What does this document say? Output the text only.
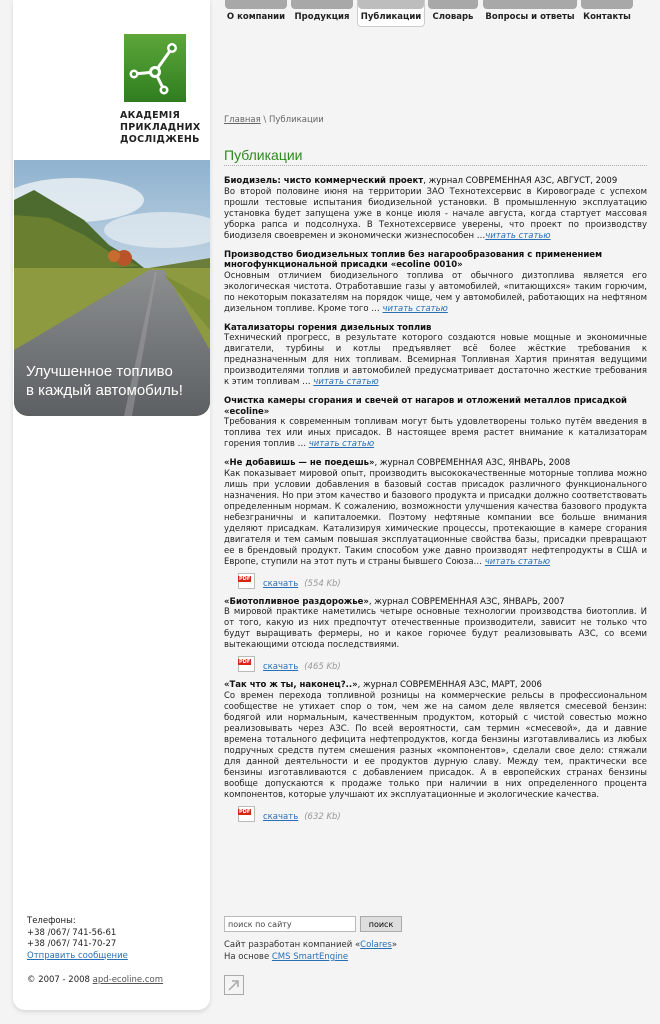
АКАДЕМІЯ
ПРИКЛАДНИХ
ДОСЛІДЖЕНЬ
Улучшенное топливо
в каждый автомобиль!
Телефоны:
+38 /067/ 741-56-61
+38 /067/ 741-70-27
Отправить сообщение
© 2007 - 2008 apd-ecoline.com
О компании	Продукция	Публикации	Словарь	Вопросы и ответы Контакты
Главная \ Публикации
Публикации
Биодизель: чисто коммерческий проект, журнал СОВРЕМЕННАЯ АЗС, АВГУСТ, 2009

Во второй половине июня на территории ЗАО Технотехсервис в Кировограде с успехом прошли тестовые испытания биодизельной установки. В промышленную эксплуатацию установка будет запущена уже в конце июля - начале августа, когда стартует массовая уборка рапса и подсолнуха. В Технотехсервисе уверены, что проект по производству биодизеля своевремен и экономически жизнеспособен …читать статью

Производство биодизельных топлив без нагарообразования с применением многофункциональной присадки «ecoline 0010»

Основным отличием биодизельного топлива от обычного дизтоплива является его экологическая чистота. Отработавшие газы у автомобилей, «питающихся» таким горючим, по некоторым показателям на порядок чище, чем у автомобилей, работающих на нефтяном дизельном топливе. Кроме того … читать статью

Катализаторы горения дизельных топлив

Технический прогресс, в результате которого создаются новые мощные и экономичные двигатели, турбины и котлы предъявляет всё более жёсткие требования к предназначенным для них топливам. Всемирная Топливная Хартия принятая ведущими производителями топлив и автомобилей предусматривает достаточно жесткие требования к этим топливам … читать статью

Очистка камеры сгорания и свечей от нагаров и отложений металлов присадкой «ecoline»

Требования к современным топливам могут быть удовлетворены только путём введения в топлива тех или иных присадок. В настоящее время растет внимание к катализаторам горения топлив … читать статью

«Не добавишь — не поедешь», журнал СОВРЕМЕННАЯ АЗС, ЯНВАРЬ, 2008

Как показывает мировой опыт, производить высококачественные моторные топлива можно лишь при условии добавления в базовый состав присадок различного функционального назначения. Но при этом качество и базового продукта и присадки должно соответствовать определенным нормам. К сожалению, возможности улучшения качества базового продукта небезграничны и капиталоемки. Поэтому нефтяные компании все больше внимания уделяют присадкам. Катализируя химические процессы, протекающие в камере сгорания двигателя и тем самым повышая эксплуатационные свойства базы, присадки превращают ее в брендовый продукт. Таким способом уже давно производят нефтепродукты в США и Европе, ступили на этот путь и страны бывшего Союза… читать статью

PDF скачать (554 Kb)
«Биотопливное раздорожье», журнал СОВРЕМЕННАЯ АЗС, ЯНВАРЬ, 2007

В мировой практике наметились четыре основные технологии производства биотоплив. И от того, какую из них предпочтут отечественные производители, зависит не только что будут выращивать фермеры, но и какое горючее будут реализовывать АЗС, со всеми вытекающими отсюда последствиями.

PDF скачать (465 Kb)
«Так что ж ты, наконец?..», журнал СОВРЕМЕННАЯ АЗС, МАРТ, 2006

Со времен перехода топливной розницы на коммерческие рельсы в профессиональном сообществе не утихает спор о том, чем же на самом деле является смесевой бензин: бодягой или нормальным, качественным продуктом, который с чистой совестью можно реализовывать через АЗС. По всей вероятности, сам термин «смесевой», да и давние времена тотального дефицита нефтепродуктов, когда бензины изготавливались из любых подручных средств путем смешения разных «компонентов», сделали свое дело: стяжали для данной деятельности и ее продуктов дурную славу. Между тем, практически все бензины изготавливаются с добавлением присадок. А в европейских странах бензины вообще допускаются к продаже только при наличии в них определенного процента компонентов, которые улучшают их эксплуатационные и экологические качества.

PDF скачать (632 Kb)
поиск по сайту
поиск
Сайт разработан компанией «Colares»
На основе CMS SmartEngine
